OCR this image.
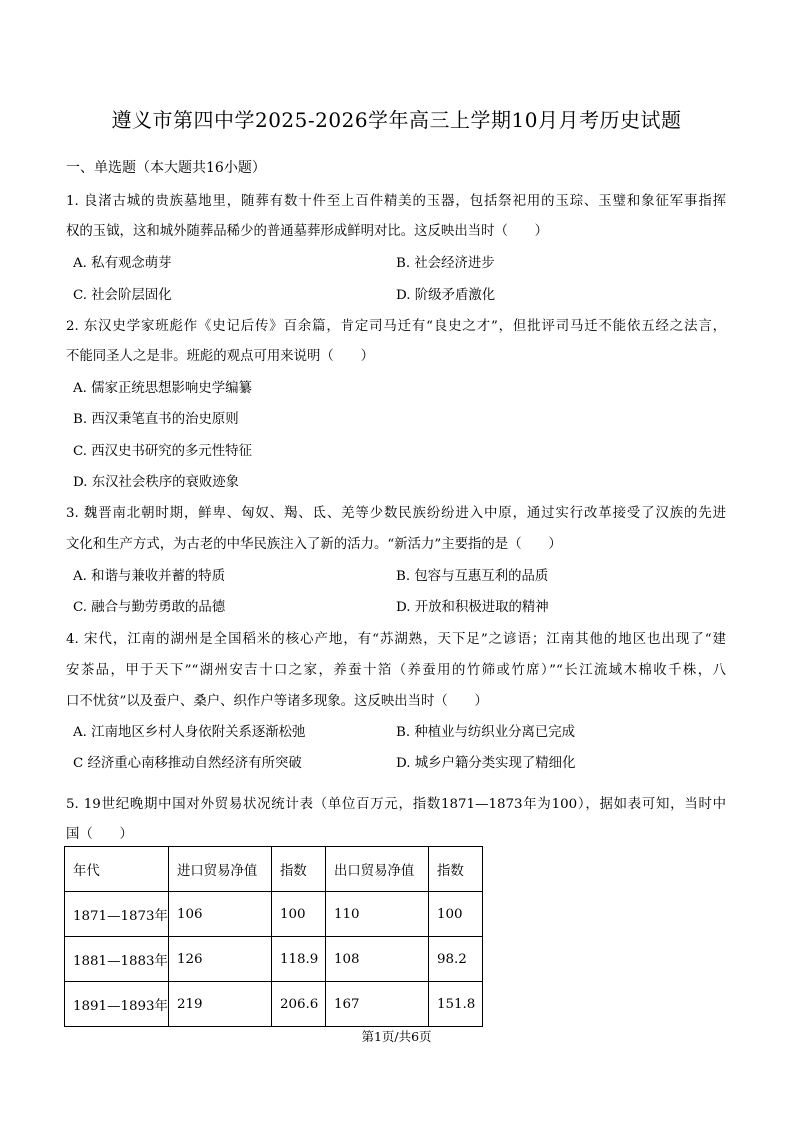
遵义市第四中学2025-2026学年高三上学期10月月考历史试题
一、单选题（本大题共16小题）
1. 良渚古城的贵族墓地里，随葬有数十件至上百件精美的玉器，包括祭祀用的玉琮、玉璧和象征军事指挥
权的玉钺，这和城外随葬品稀少的普通墓葬形成鲜明对比。这反映出当时（　　）
A. 私有观念萌芽	B. 社会经济进步
C. 社会阶层固化	D. 阶级矛盾激化
2. 东汉史学家班彪作《史记后传》百余篇，肯定司马迁有“良史之才”，但批评司马迁不能依五经之法言，
不能同圣人之是非。班彪的观点可用来说明（　　）
A. 儒家正统思想影响史学编纂
B. 西汉秉笔直书的治史原则
C. 西汉史书研究的多元性特征
D. 东汉社会秩序的衰败迹象
3. 魏晋南北朝时期，鲜卑、匈奴、羯、氐、羌等少数民族纷纷进入中原，通过实行改革接受了汉族的先进
文化和生产方式，为古老的中华民族注入了新的活力。“新活力”主要指的是（　　）
A. 和谐与兼收并蓄的特质	B. 包容与互惠互利的品质
C. 融合与勤劳勇敢的品德	D. 开放和积极进取的精神
4. 宋代，江南的湖州是全国稻米的核心产地，有“苏湖熟，天下足”之谚语；江南其他的地区也出现了“建
安茶品，甲于天下”“湖州安吉十口之家，养蚕十箔（养蚕用的竹筛或竹席）”“长江流域木棉收千株，八
口不忧贫”以及蚕户、桑户、织作户等诸多现象。这反映出当时（　　）
A. 江南地区乡村人身依附关系逐渐松弛	B. 种植业与纺织业分离已完成
C 经济重心南移推动自然经济有所突破	D. 城乡户籍分类实现了精细化
5. 19世纪晚期中国对外贸易状况统计表（单位百万元，指数1871—1873年为100），据如表可知，当时中
国（　　）
年代	进口贸易净值	指数	出口贸易净值	指数
1871—1873年	106	100	110	100
1881—1883年	126	118.9	108	98.2
1891—1893年	219	206.6	167	151.8
第1页/共6页
